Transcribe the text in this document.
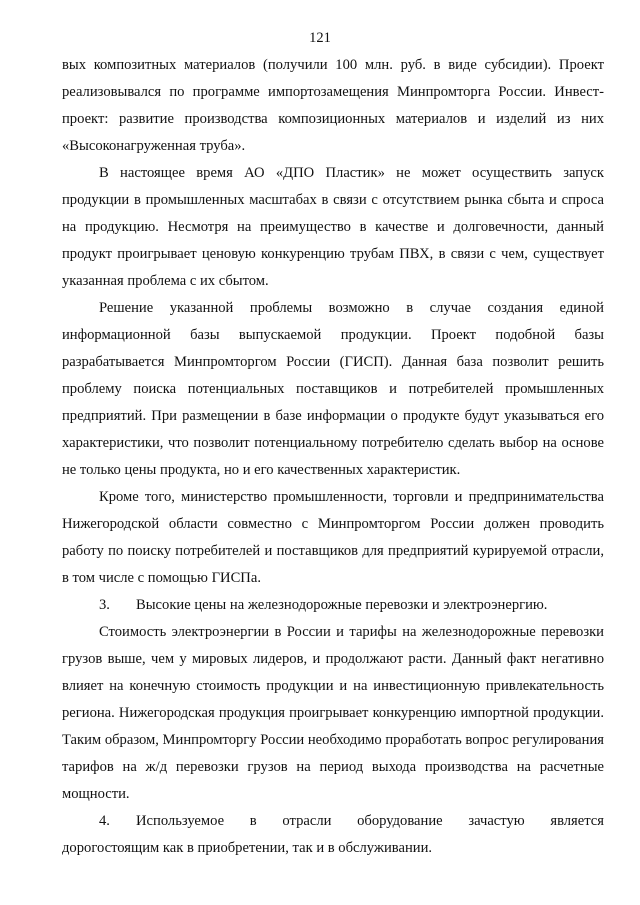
121

вых композитных материалов (получили 100 млн. руб. в виде субсидии). Проект реализовывался по программе импортозамещения Минпромторга России. Инвест-проект: развитие производства композиционных материалов и изделий из них «Высоконагруженная труба».

В настоящее время АО «ДПО Пластик» не может осуществить запуск продукции в промышленных масштабах в связи с отсутствием рынка сбыта и спроса на продукцию. Несмотря на преимущество в качестве и долговечности, данный продукт проигрывает ценовую конкуренцию трубам ПВХ, в связи с чем, существует указанная проблема с их сбытом.

Решение указанной проблемы возможно в случае создания единой информационной базы выпускаемой продукции. Проект подобной базы разрабатывается Минпромторгом России (ГИСП). Данная база позволит решить проблему поиска потенциальных поставщиков и потребителей промышленных предприятий. При размещении в базе информации о продукте будут указываться его характеристики, что позволит потенциальному потребителю сделать выбор на основе не только цены продукта, но и его качественных характеристик.

Кроме того, министерство промышленности, торговли и предпринимательства Нижегородской области совместно с Минпромторгом России должен проводить работу по поиску потребителей и поставщиков для предприятий курируемой отрасли, в том числе с помощью ГИСПа.

3.	Высокие цены на железнодорожные перевозки и электроэнергию.

Стоимость электроэнергии в России и тарифы на железнодорожные перевозки грузов выше, чем у мировых лидеров, и продолжают расти. Данный факт негативно влияет на конечную стоимость продукции и на инвестиционную привлекательность региона. Нижегородская продукция проигрывает конкуренцию импортной продукции. Таким образом, Минпромторгу России необходимо проработать вопрос регулирования тарифов на ж/д перевозки грузов на период выхода производства на расчетные мощности.

4.	Используемое в отрасли оборудование зачастую является

дорогостоящим как в приобретении, так и в обслуживании.
